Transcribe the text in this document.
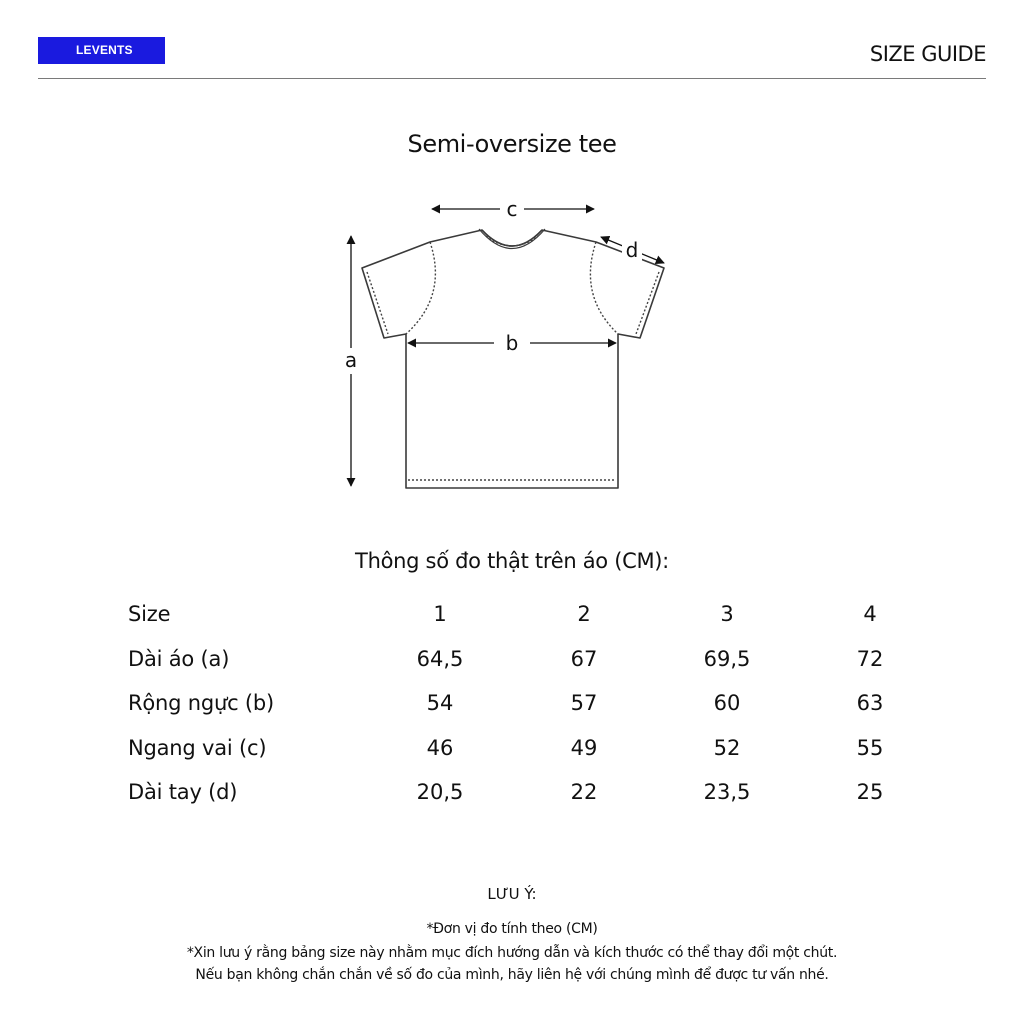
LEVENTS	SIZE GUIDE
Semi-oversize tee
a
b
c
d
Thông số đo thật trên áo (CM):
Size	1	2	3	4
Dài áo (a)	64,5	67	69,5	72
Rộng ngực (b)	54	57	60	63
Ngang vai (c)	46	49	52	55
Dài tay (d)	20,5	22	23,5	25
LƯU Ý:
*Đơn vị đo tính theo (CM)
*Xin lưu ý rằng bảng size này nhằm mục đích hướng dẫn và kích thước có thể thay đổi một chút.
Nếu bạn không chắn chắn về số đo của mình, hãy liên hệ với chúng mình để được tư vấn nhé.
